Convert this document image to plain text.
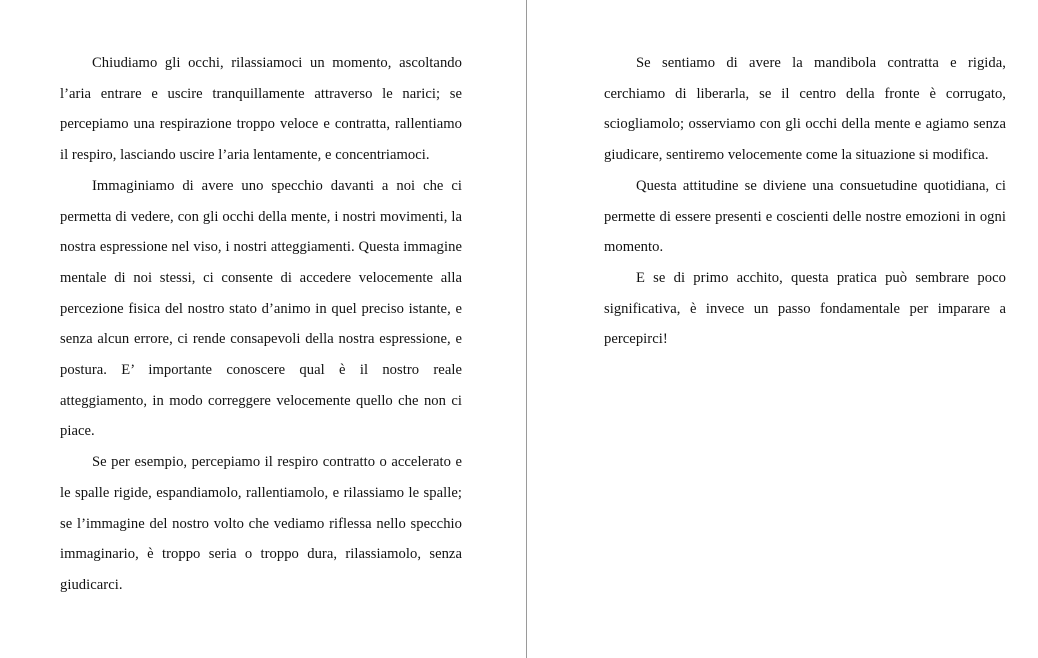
Chiudiamo gli occhi, rilassiamoci un momento, ascoltando l’aria entrare e uscire tranquillamente attraverso le narici; se percepiamo una respirazione troppo veloce e contratta, rallentiamo il respiro, lasciando uscire l’aria lentamente, e concentriamoci.

Immaginiamo di avere uno specchio davanti a noi che ci permetta di vedere, con gli occhi della mente, i nostri movimenti, la nostra espressione nel viso, i nostri atteggiamenti. Questa immagine mentale di noi stessi, ci consente di accedere velocemente alla percezione fisica del nostro stato d’animo in quel preciso istante, e senza alcun errore, ci rende consapevoli della nostra espressione, e postura. E’ importante conoscere qual è il nostro reale atteggiamento, in modo correggere velocemente quello che non ci piace.

Se per esempio, percepiamo il respiro contratto o accelerato e le spalle rigide, espandiamolo, rallentiamolo, e rilassiamo le spalle; se l’immagine del nostro volto che vediamo riflessa nello specchio immaginario, è troppo seria o troppo dura, rilassiamolo, senza giudicarci.

Se sentiamo di avere la mandibola contratta e rigida, cerchiamo di liberarla, se il centro della fronte è corrugato, sciogliamolo; osserviamo con gli occhi della mente e agiamo senza giudicare, sentiremo velocemente come la situazione si modifica.

Questa attitudine se diviene una consuetudine quotidiana, ci permette di essere presenti e coscienti delle nostre emozioni in ogni momento.

E se di primo acchito, questa pratica può sembrare poco significativa, è invece un passo fondamentale per imparare a percepirci!
